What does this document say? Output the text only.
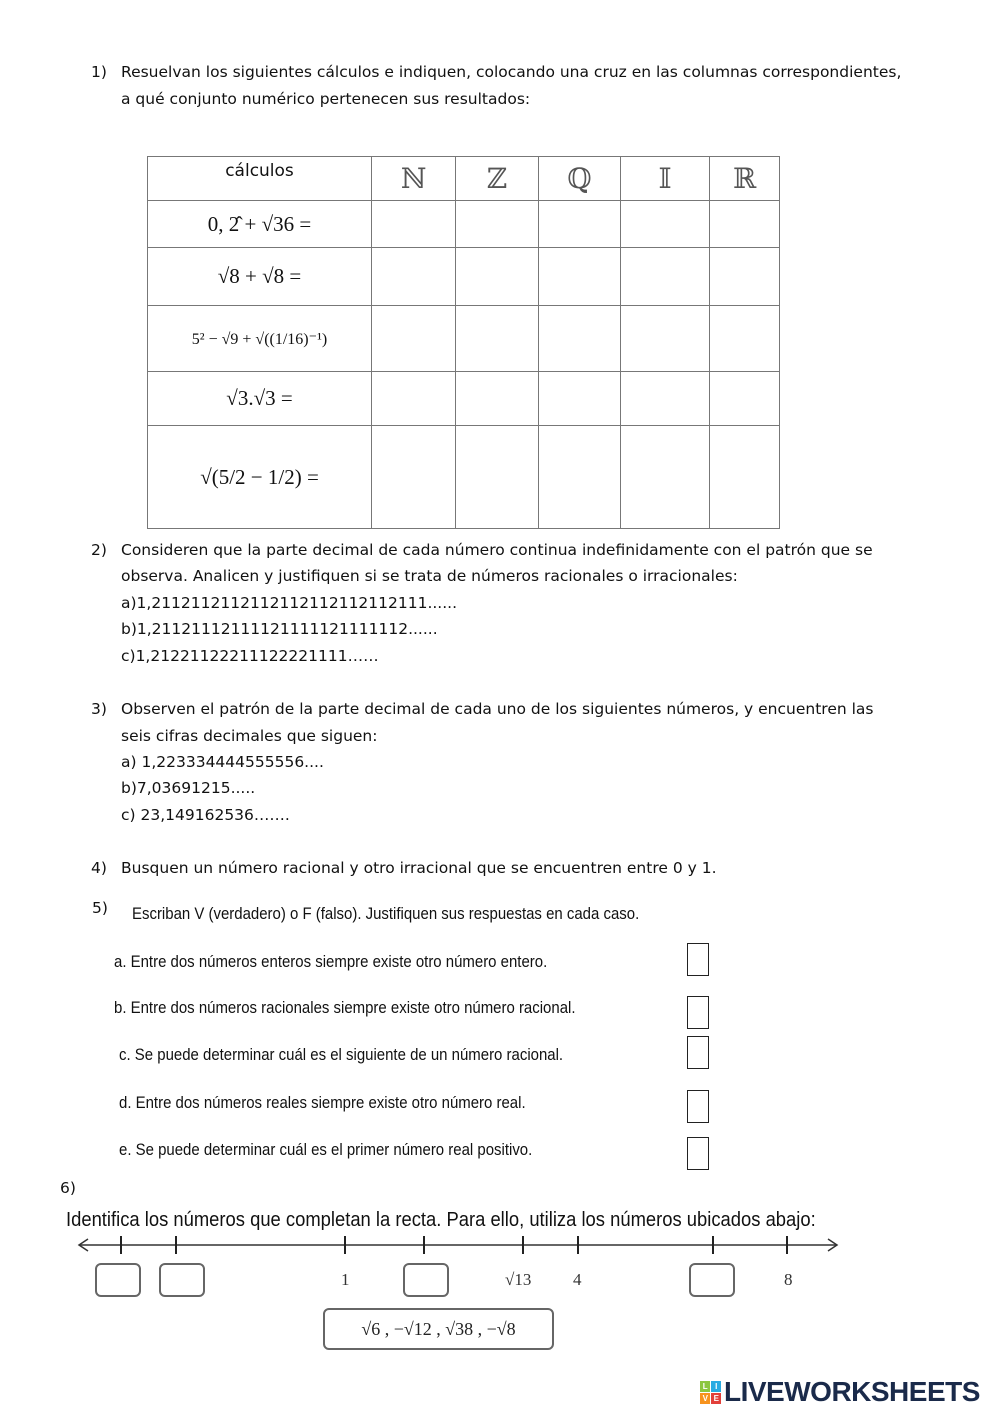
1) Resuelvan los siguientes cálculos e indiquen, colocando una cruz en las columnas correspondientes,
a qué conjunto numérico pertenecen sus resultados:
cálculos	ℕ	ℤ	ℚ	𝕀	ℝ
0, 2̂ + √36 =					
√8 + √8 =					
5² − √9 + √((1/16)⁻¹)					
√3.√3 =					
√(5/2 − 1/2) =					
2) Consideren que la parte decimal de cada número continua indefinidamente con el patrón que se
observa. Analicen y justifiquen si se trata de números racionales o irracionales:
a)1,2112112112112112112112112111......
b)1,21121112111121111121111112......
c)1,21221122211122221111……
3) Observen el patrón de la parte decimal de cada uno de los siguientes números, y encuentren las
seis cifras decimales que siguen:
a) 1,223334444555556....
b)7,03691215.....
c) 23,149162536…….
4) Busquen un número racional y otro irracional que se encuentren entre 0 y 1.
5) Escriban V (verdadero) o F (falso). Justifiquen sus respuestas en cada caso.
a. Entre dos números enteros siempre existe otro número entero.
b. Entre dos números racionales siempre existe otro número racional.
c. Se puede determinar cuál es el siguiente de un número racional.
d. Entre dos números reales siempre existe otro número real.
e. Se puede determinar cuál es el primer número real positivo.
6)
Identifica los números que completan la recta. Para ello, utiliza los números ubicados abajo:
1	√13 4	8
√6 , −√12 , √38 , −√8
L I
V E LIVEWORKSHEETS
